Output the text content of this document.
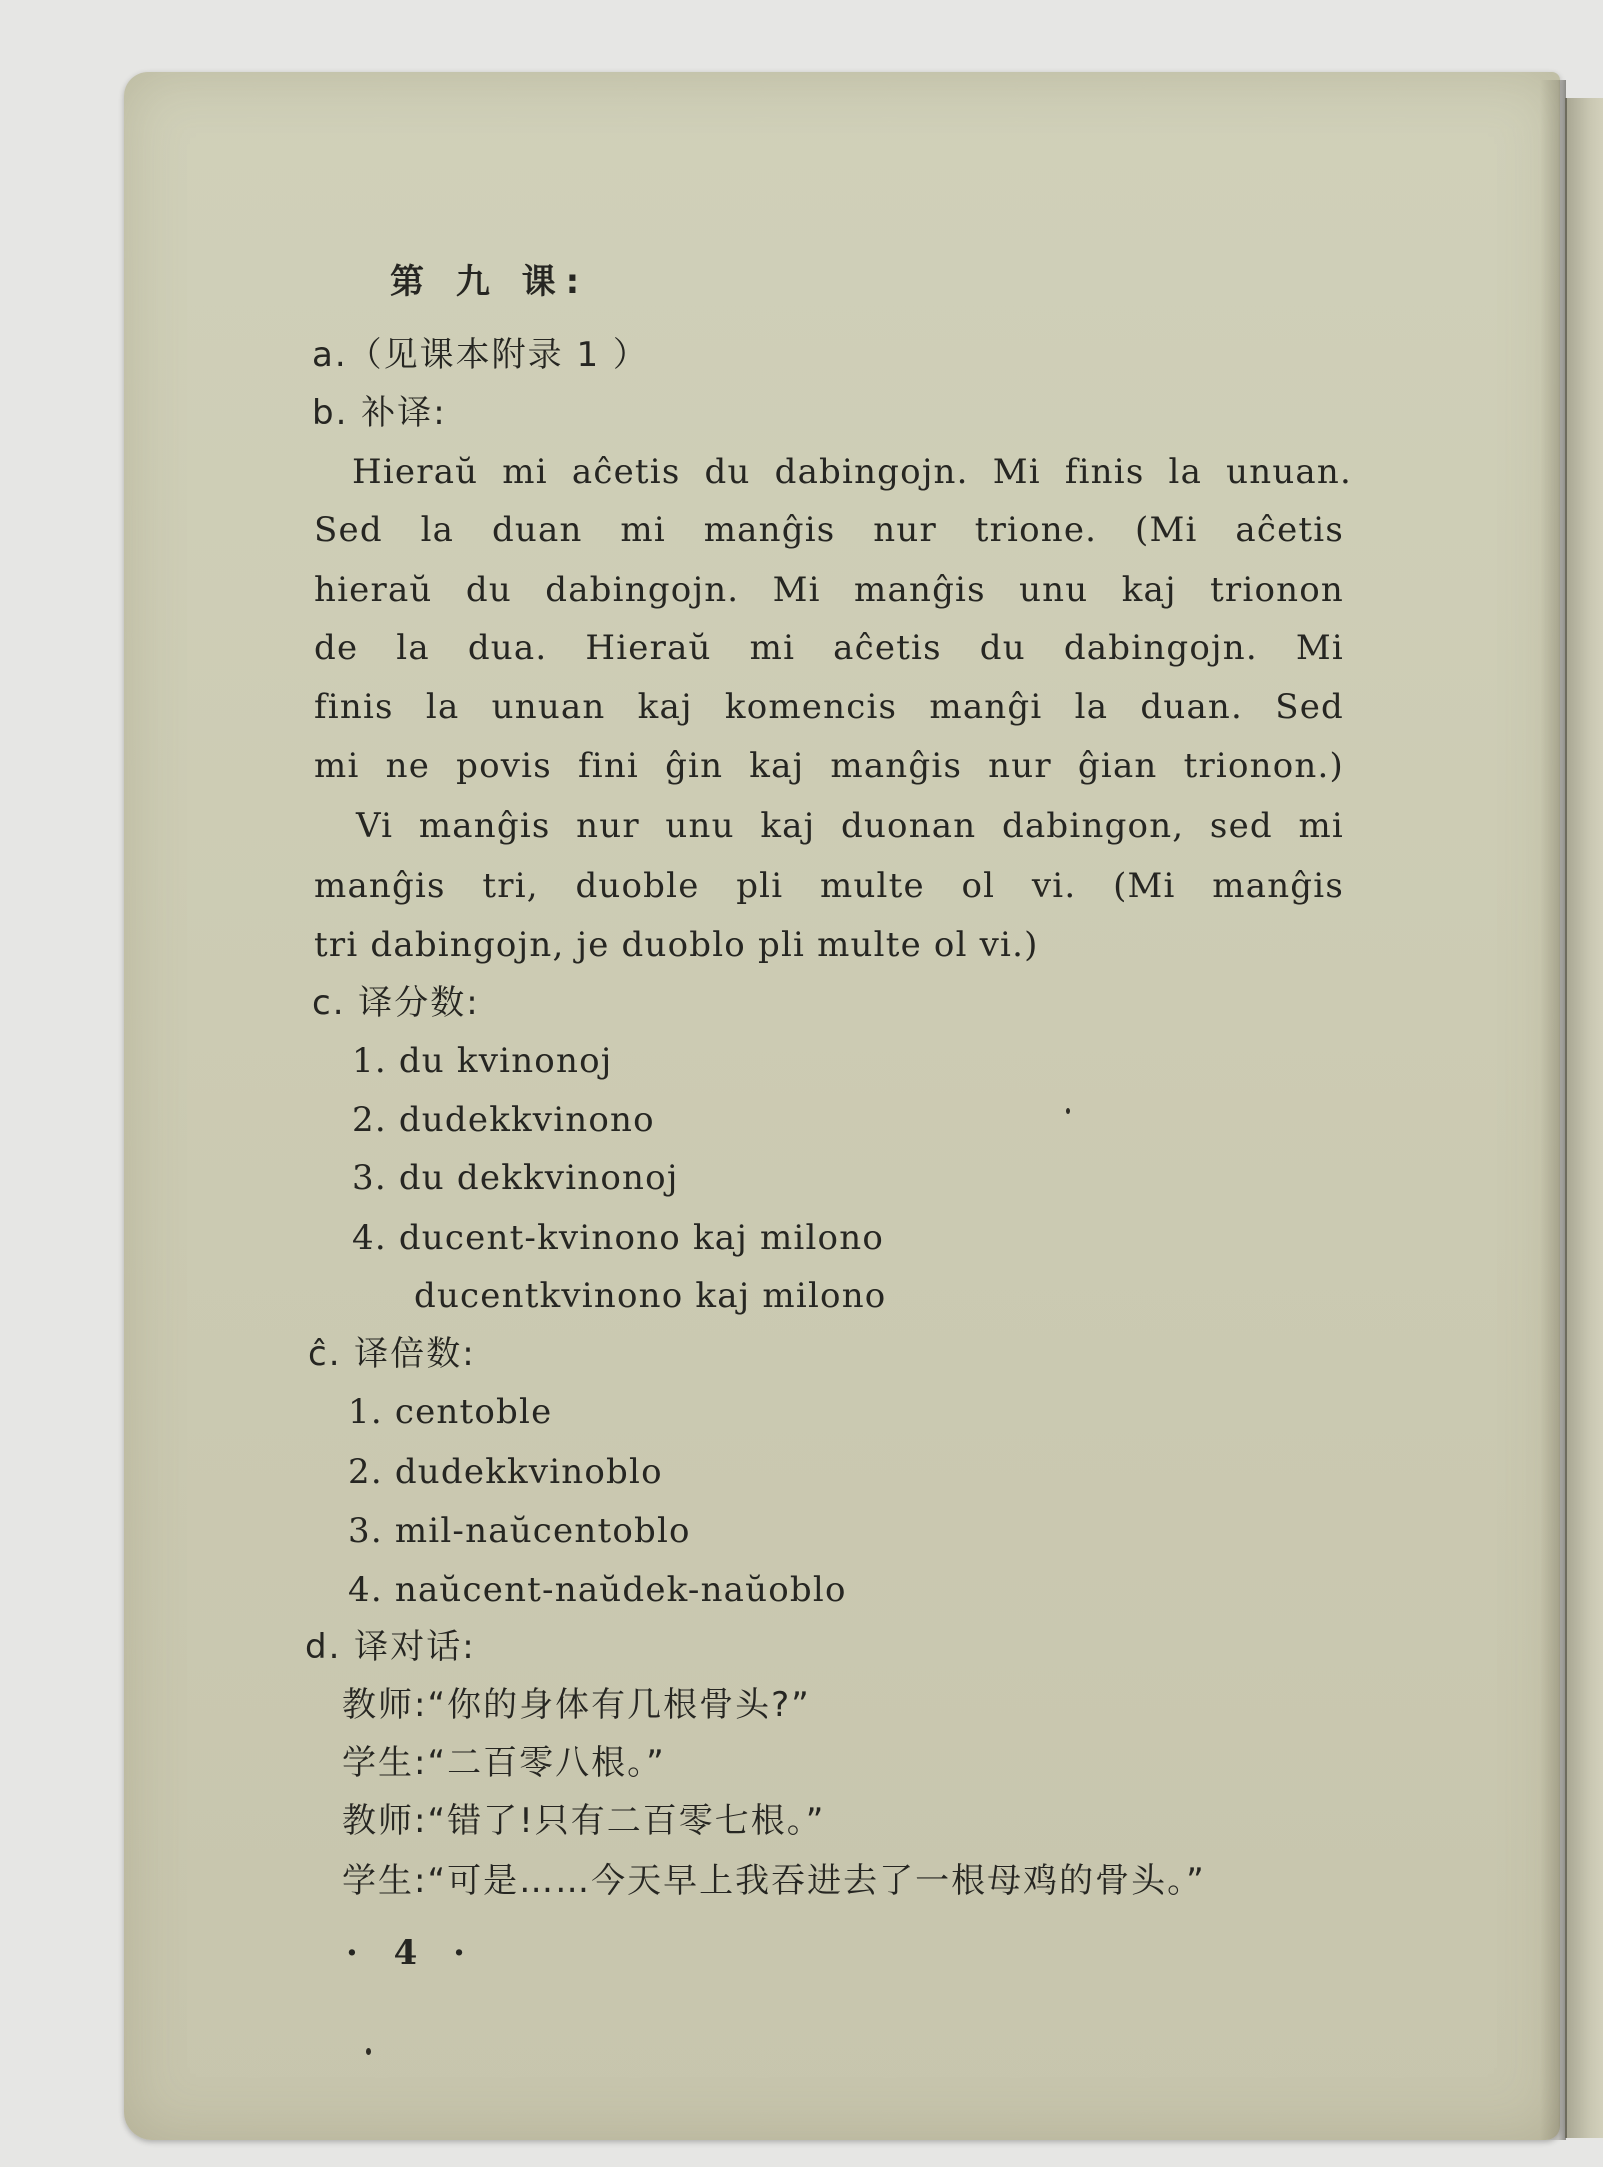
第 九 课:
a.（见课本附录 1 ）
b. 补译:
Hieraŭ mi aĉetis du dabingojn. Mi finis la unuan.
Sed la duan mi manĝis nur trione. (Mi aĉetis
hieraŭ du dabingojn. Mi manĝis unu kaj trionon
de la dua. Hieraŭ mi aĉetis du dabingojn. Mi
finis la unuan kaj komencis manĝi la duan. Sed
mi ne povis fini ĝin kaj manĝis nur ĝian trionon.)
Vi manĝis nur unu kaj duonan dabingon, sed mi
manĝis tri, duoble pli multe ol vi. (Mi manĝis
tri dabingojn, je duoblo pli multe ol vi.)
c. 译分数:
1. du kvinonoj
2. dudekkvinono
3. du dekkvinonoj
4. ducent-kvinono kaj milono
ducentkvinono kaj milono
ĉ. 译倍数:
1. centoble
2. dudekkvinoblo
3. mil-naŭcentoblo
4. naŭcent-naŭdek-naŭoblo
d. 译对话:
教师:“你的身体有几根骨头?”
学生:“二百零八根。”
教师:“错了!只有二百零七根。”
学生:“可是……今天早上我吞进去了一根母鸡的骨头。”
· 4 ·
